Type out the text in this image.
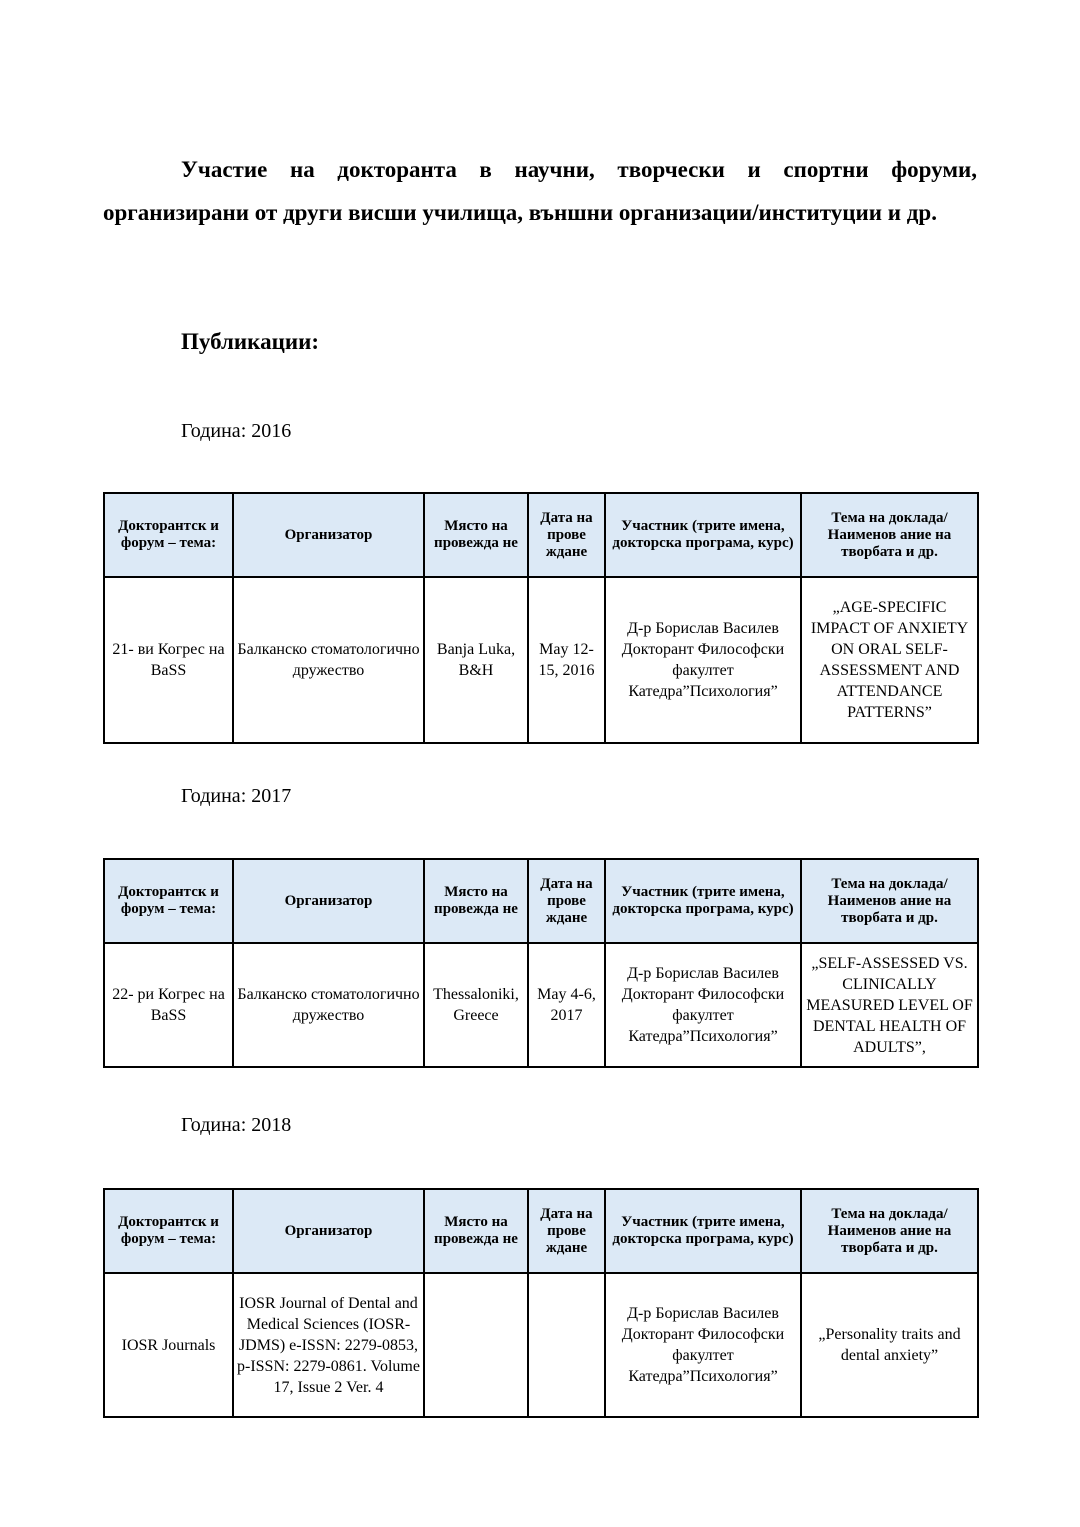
Участие на докторанта в научни, творчески и спортни форуми, организирани от други висши училища, външни организации/институции и др.

Публикации:

Година: 2016

Докторантск и форум – тема:	Организатор	Място на провежда не	Дата на прове ждане	Участник (трите имена, докторска програма, курс)	Тема на доклада/Наименов ание на творбата и др.
21- ви Когрес на BaSS	Балканско стоматологично дружество	Banja Luka, B&H	May 12-15, 2016	Д-р Борислав Василев Докторант Философски факултет Катедра”Психология”	„AGE-SPECIFIC IMPACT OF ANXIETY ON ORAL SELF-ASSESSMENT AND ATTENDANCE PATTERNS”

Година: 2017

Докторантск и форум – тема:	Организатор	Място на провежда не	Дата на прове ждане	Участник (трите имена, докторска програма, курс)	Тема на доклада/Наименов ание на творбата и др.
22- ри Когрес на BaSS	Балканско стоматологично дружество	Thessaloniki, Greece	May 4-6, 2017	Д-р Борислав Василев Докторант Философски факултет Катедра”Психология”	„SELF-ASSESSED VS. CLINICALLY MEASURED LEVEL OF DENTAL HEALTH OF ADULTS”,

Година: 2018

Докторантск и форум – тема:	Организатор	Място на провежда не	Дата на прове ждане	Участник (трите имена, докторска програма, курс)	Тема на доклада/Наименов ание на творбата и др.
IOSR Journals	IOSR Journal of Dental and Medical Sciences (IOSR-JDMS) e-ISSN: 2279-0853, p-ISSN: 2279-0861. Volume 17, Issue 2 Ver. 4			Д-р Борислав Василев Докторант Философски факултет Катедра”Психология”	„Personality traits and dental anxiety”
